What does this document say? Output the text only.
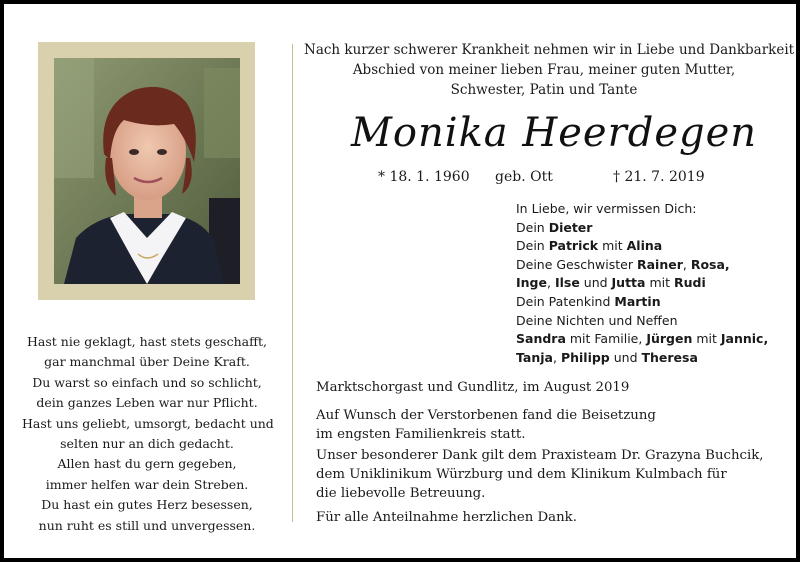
Hast nie geklagt, hast stets geschafft,
gar manchmal über Deine Kraft.
Du warst so einfach und so schlicht,
dein ganzes Leben war nur Pflicht.
Hast uns geliebt, umsorgt, bedacht und
selten nur an dich gedacht.
Allen hast du gern gegeben,
immer helfen war dein Streben.
Du hast ein gutes Herz besessen,
nun ruht es still und unvergessen.
Nach kurzer schwerer Krankheit nehmen wir in Liebe und Dankbarkeit
Abschied von meiner lieben Frau, meiner guten Mutter,
Schwester, Patin und Tante
Monika Heerdegen
* 18. 1. 1960 geb. Ott	† 21. 7. 2019
In Liebe, wir vermissen Dich:
Dein Dieter
Dein Patrick mit Alina
Deine Geschwister Rainer, Rosa,
Inge, Ilse und Jutta mit Rudi
Dein Patenkind Martin
Deine Nichten und Neffen
Sandra mit Familie, Jürgen mit Jannic,
Tanja, Philipp und Theresa
Marktschorgast und Gundlitz, im August 2019
Auf Wunsch der Verstorbenen fand die Beisetzung
im engsten Familienkreis statt.
Unser besonderer Dank gilt dem Praxisteam Dr. Grazyna Buchcik,
dem Uniklinikum Würzburg und dem Klinikum Kulmbach für
die liebevolle Betreuung.
Für alle Anteilnahme herzlichen Dank.
